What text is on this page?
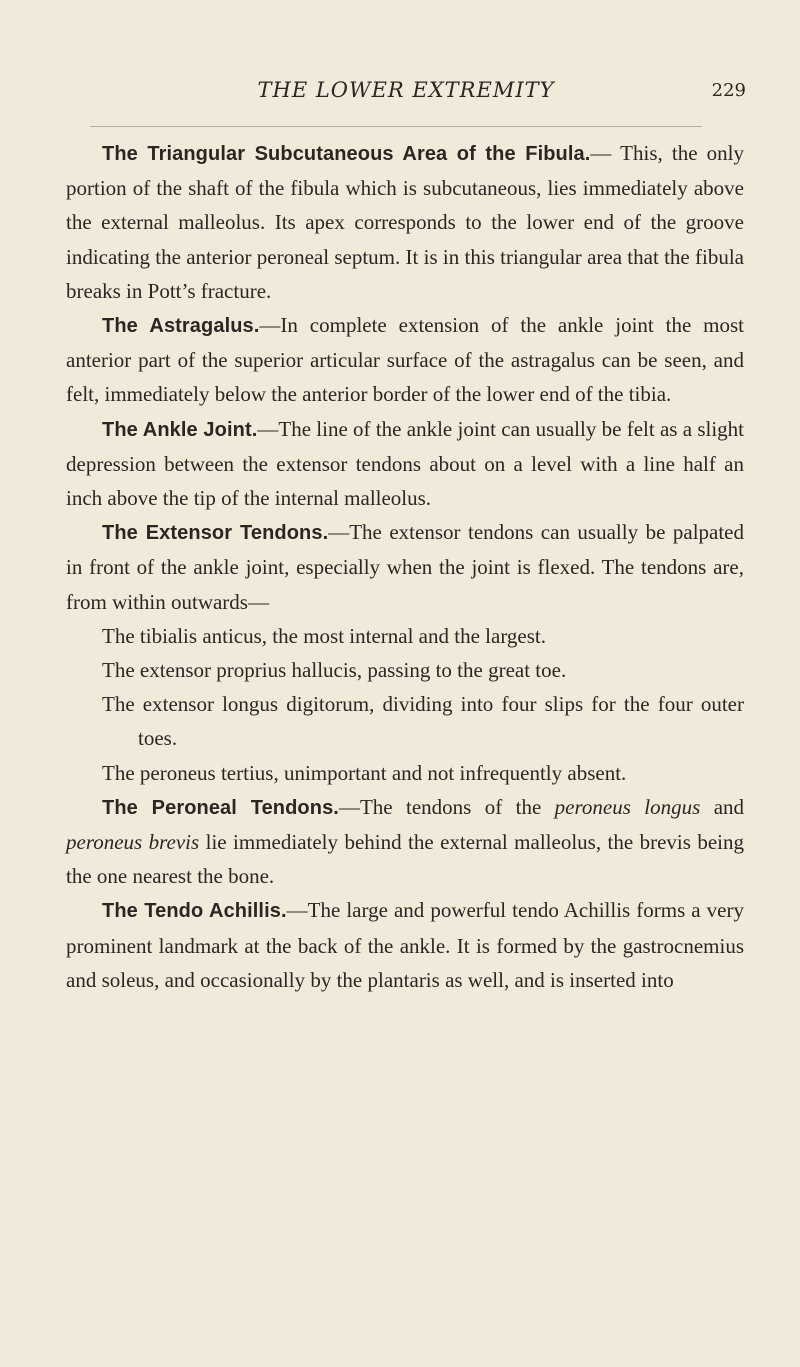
THE LOWER EXTREMITY	229

The Triangular Subcutaneous Area of the Fibula.— This, the only portion of the shaft of the fibula which is subcutaneous, lies immediately above the external malleolus. Its apex corresponds to the lower end of the groove indicating the anterior peroneal septum. It is in this triangular area that the fibula breaks in Pott’s fracture.

The Astragalus.—In complete extension of the ankle joint the most anterior part of the superior articular surface of the astragalus can be seen, and felt, immediately below the anterior border of the lower end of the tibia.

The Ankle Joint.—The line of the ankle joint can usually be felt as a slight depression between the extensor tendons about on a level with a line half an inch above the tip of the internal malleolus.

The Extensor Tendons.—The extensor tendons can usually be palpated in front of the ankle joint, especially when the joint is flexed. The tendons are, from within outwards—

The tibialis anticus, the most internal and the largest.
The extensor proprius hallucis, passing to the great toe.
The extensor longus digitorum, dividing into four slips for the four outer toes.
The peroneus tertius, unimportant and not infrequently absent.

The Peroneal Tendons.—The tendons of the peroneus longus and peroneus brevis lie immediately behind the external malleolus, the brevis being the one nearest the bone.

The Tendo Achillis.—The large and powerful tendo Achillis forms a very prominent landmark at the back of the ankle. It is formed by the gastrocnemius and soleus, and occasionally by the plantaris as well, and is inserted into
